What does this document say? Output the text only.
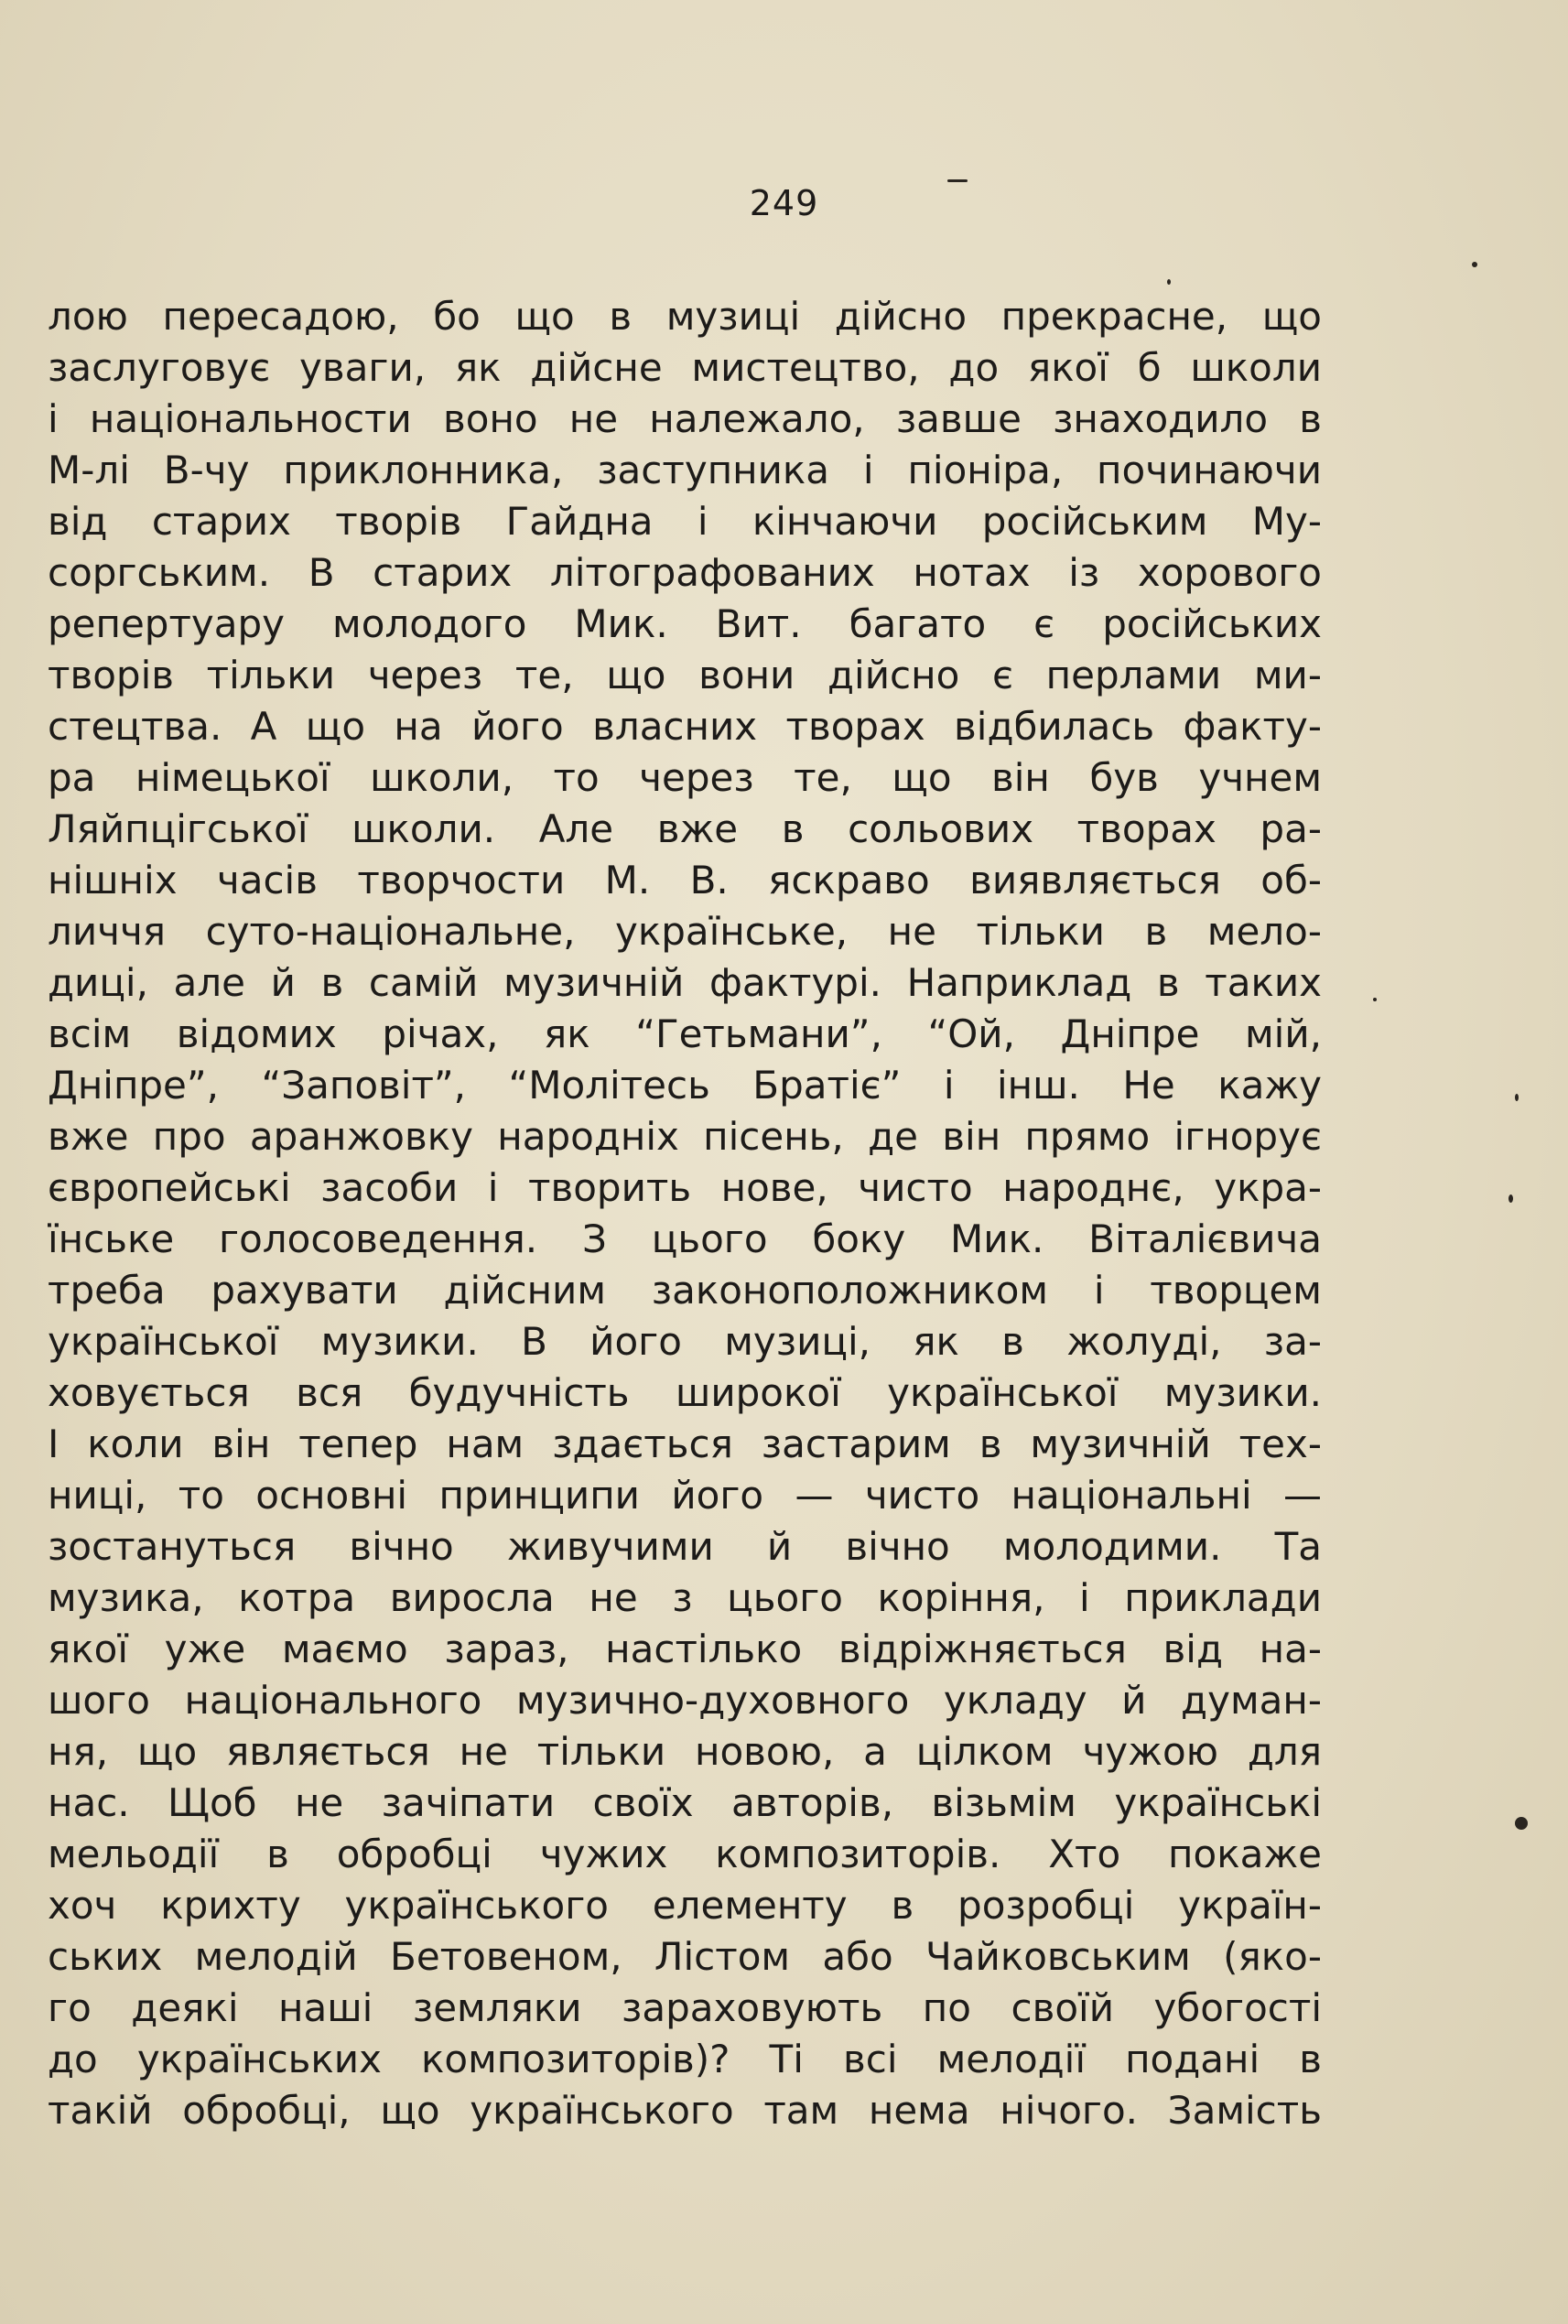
249
лою пересадою, бо що в музиці дійсно прекрасне, що
заслуговує уваги, як дійсне мистецтво, до якої б школи
і національности воно не належало, завше знаходило в
М-лі В-чу приклонника, заступника і піоніра, починаючи
від старих творів Гайдна і кінчаючи російським Му-
соргським. В старих літографованих нотах із хорового
репертуару молодого Мик. Вит. багато є російських
творів тільки через те, що вони дійсно є перлами ми-
стецтва. А що на його власних творах відбилась факту-
ра німецької школи, то через те, що він був учнем
Ляйпцігської школи. Але вже в сольових творах ра-
нішніх часів творчости М. В. яскраво виявляється об-
личчя суто-національне, українське, не тільки в мело-
диці, але й в самій музичній фактурі. Наприклад в таких
всім відомих річах, як “Гетьмани”, “Ой, Дніпре мій,
Дніпре”, “Заповіт”, “Молітесь Братіє” і інш. Не кажу
вже про аранжовку народніх пісень, де він прямо ігнорує
європейські засоби і творить нове, чисто народнє, укра-
їнське голосоведення. З цього боку Мик. Віталієвича
треба рахувати дійсним законоположником і творцем
української музики. В його музиці, як в жолуді, за-
ховується вся будучність широкої української музики.
І коли він тепер нам здається застарим в музичній тех-
ниці, то основні принципи його — чисто національні —
зостануться вічно живучими й вічно молодими. Та
музика, котра виросла не з цього коріння, і приклади
якої уже маємо зараз, настілько відріжняється від на-
шого національного музично-духовного укладу й думан-
ня, що являється не тільки новою, а цілком чужою для
нас. Щоб не зачіпати своїх авторів, візьмім українські
мельодії в обробці чужих композиторів. Хто покаже
хоч крихту українського елементу в розробці україн-
ських мелодій Бетовеном, Лістом або Чайковським (яко-
го деякі наші земляки зараховують по своїй убогості
до українських композиторів)? Ті всі мелодії подані в
такій обробці, що українського там нема нічого. Замість
